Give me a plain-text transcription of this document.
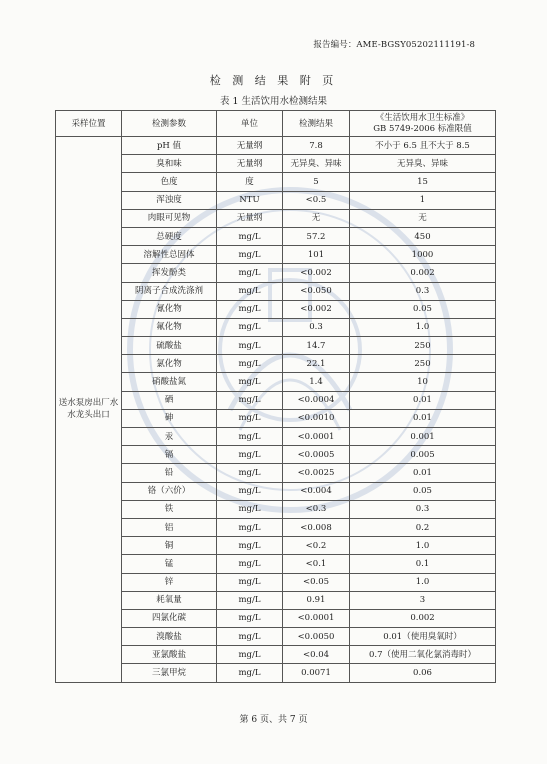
报告编号：AME-BGSY05202111191-8
检 测 结 果 附 页
表 1 生活饮用水检测结果
采样位置	检测参数	单位	检测结果	《生活饮用水卫生标准》
GB 5749-2006 标准限值

送水泵房出厂水水龙头出口	pH 值	无量纲	7.8	不小于 6.5 且不大于 8.5
	臭和味	无量纲	无异臭、异味	无异臭、异味
	色度	度	5	15
	浑浊度	NTU	<0.5	1
	肉眼可见物	无量纲	无	无
	总硬度	mg/L	57.2	450
	溶解性总固体	mg/L	101	1000
	挥发酚类	mg/L	<0.002	0.002
	阴离子合成洗涤剂	mg/L	<0.050	0.3
	氰化物	mg/L	<0.002	0.05
	氟化物	mg/L	0.3	1.0
	硫酸盐	mg/L	14.7	250
	氯化物	mg/L	22.1	250
	硝酸盐氮	mg/L	1.4	10
	硒	mg/L	<0.0004	0.01
	砷	mg/L	<0.0010	0.01
	汞	mg/L	<0.0001	0.001
	镉	mg/L	<0.0005	0.005
	铅	mg/L	<0.0025	0.01
	铬（六价）	mg/L	<0.004	0.05
	铁	mg/L	<0.3	0.3
	铝	mg/L	<0.008	0.2
	铜	mg/L	<0.2	1.0
	锰	mg/L	<0.1	0.1
	锌	mg/L	<0.05	1.0
	耗氧量	mg/L	0.91	3
	四氯化碳	mg/L	<0.0001	0.002
	溴酸盐	mg/L	<0.0050	0.01（使用臭氧时）
	亚氯酸盐	mg/L	<0.04	0.7（使用二氧化氯消毒时）
	三氯甲烷	mg/L	0.0071	0.06
第 6 页、共 7 页
